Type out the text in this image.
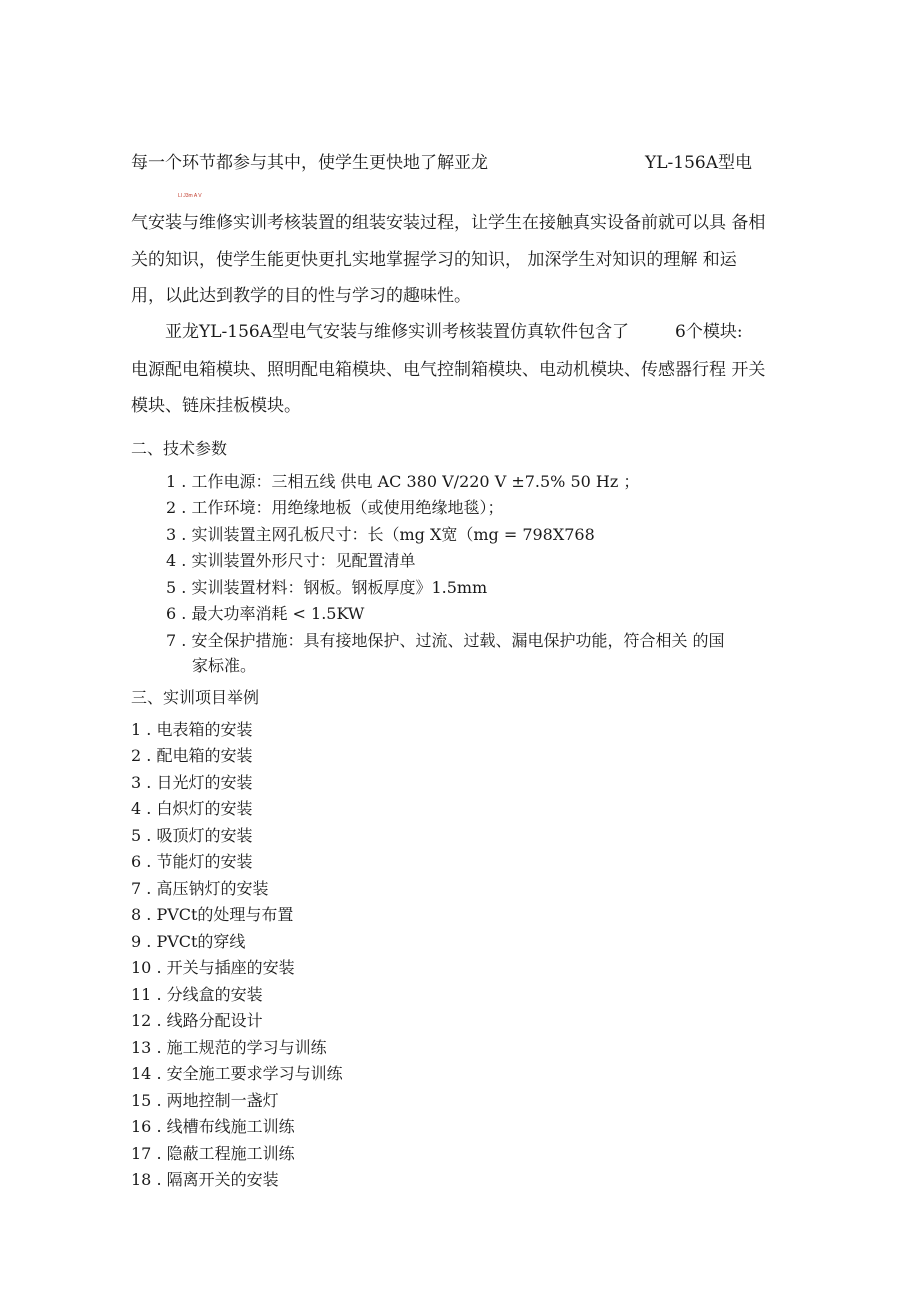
每一个环节都参与其中，使学生更快地了解亚龙	YL-156A型电
Ll J3m A V
气安装与维修实训考核装置的组装安装过程，让学生在接触真实设备前就可以具 备相
关的知识，使学生能更快更扎实地掌握学习的知识， 加深学生对知识的理解 和运
用，以此达到教学的目的性与学习的趣味性。
亚龙YL-156A型电气安装与维修实训考核装置仿真软件包含了	6个模块:
电源配电箱模块、照明配电箱模块、电气控制箱模块、电动机模块、传感器行程 开关
模块、链床挂板模块。
二、技术参数
1 . 工作电源：三相五线 供电 AC 380 V/220 V ±7.5% 50 Hz ；
2 . 工作环境：用绝缘地板（或使用绝缘地毯）；
3 . 实训装置主网孔板尺寸：长（mg X宽（mg = 798X768
4 . 实训装置外形尺寸：见配置清单
5 . 实训装置材料：钢板。钢板厚度》1.5mm
6 . 最大功率消耗 < 1.5KW
7 . 安全保护措施：具有接地保护、过流、过载、漏电保护功能，符合相关 的国
家标准。
三、实训项目举例
1 . 电表箱的安装
2 . 配电箱的安装
3 . 日光灯的安装
4 . 白炽灯的安装
5 . 吸顶灯的安装
6 . 节能灯的安装
7 . 高压钠灯的安装
8 . PVCt的处理与布置
9 . PVCt的穿线
10 . 开关与插座的安装
11 . 分线盒的安装
12 . 线路分配设计
13 . 施工规范的学习与训练
14 . 安全施工要求学习与训练
15 . 两地控制一盏灯
16 . 线槽布线施工训练
17 . 隐蔽工程施工训练
18 . 隔离开关的安装
